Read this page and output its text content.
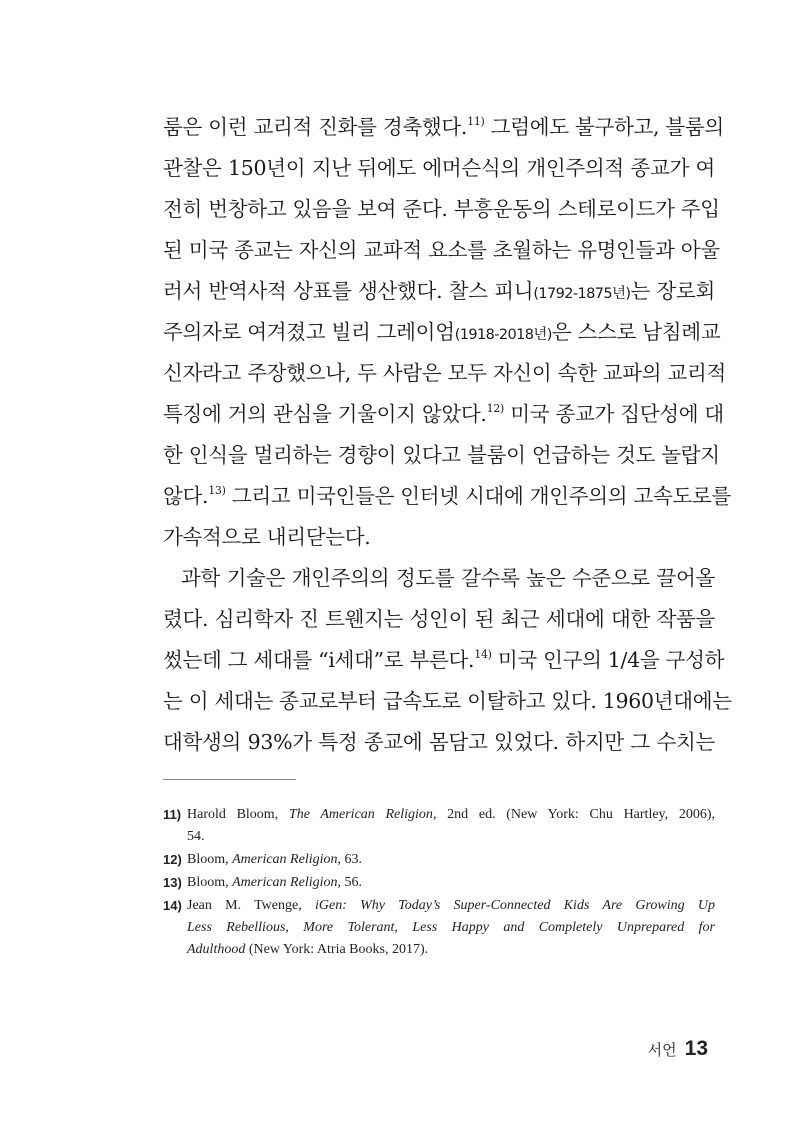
룸은 이런 교리적 진화를 경축했다.$^{11)}$ 그럼에도 불구하고, 블룸의
관찰은 150년이 지난 뒤에도 에머슨식의 개인주의적 종교가 여
전히 번창하고 있음을 보여 준다. 부흥운동의 스테로이드가 주입
된 미국 종교는 자신의 교파적 요소를 초월하는 유명인들과 아울
러서 반역사적 상표를 생산했다. 찰스 피니(1792-1875년)는 장로회
주의자로 여겨졌고 빌리 그레이엄(1918-2018년)은 스스로 남침례교
신자라고 주장했으나, 두 사람은 모두 자신이 속한 교파의 교리적
특징에 거의 관심을 기울이지 않았다.$^{12)}$ 미국 종교가 집단성에 대
한 인식을 멀리하는 경향이 있다고 블룸이 언급하는 것도 놀랍지
않다.$^{13)}$ 그리고 미국인들은 인터넷 시대에 개인주의의 고속도로를
가속적으로 내리닫는다.
과학 기술은 개인주의의 정도를 갈수록 높은 수준으로 끌어올
렸다. 심리학자 진 트웬지는 성인이 된 최근 세대에 대한 작품을
썼는데 그 세대를 “i세대”로 부른다.$^{14)}$ 미국 인구의 1/4을 구성하
는 이 세대는 종교로부터 급속도로 이탈하고 있다. 1960년대에는
대학생의 93%가 특정 종교에 몸담고 있었다. 하지만 그 수치는
11) Harold Bloom, The American Religion, 2nd ed. (New York: Chu Hartley, 2006),
54.
12) Bloom, American Religion, 63.
13) Bloom, American Religion, 56.
14) Jean M. Twenge, iGen: Why Today’s Super-Connected Kids Are Growing Up
Less Rebellious, More Tolerant, Less Happy and Completely Unprepared for
Adulthood (New York: Atria Books, 2017).
서언 13
